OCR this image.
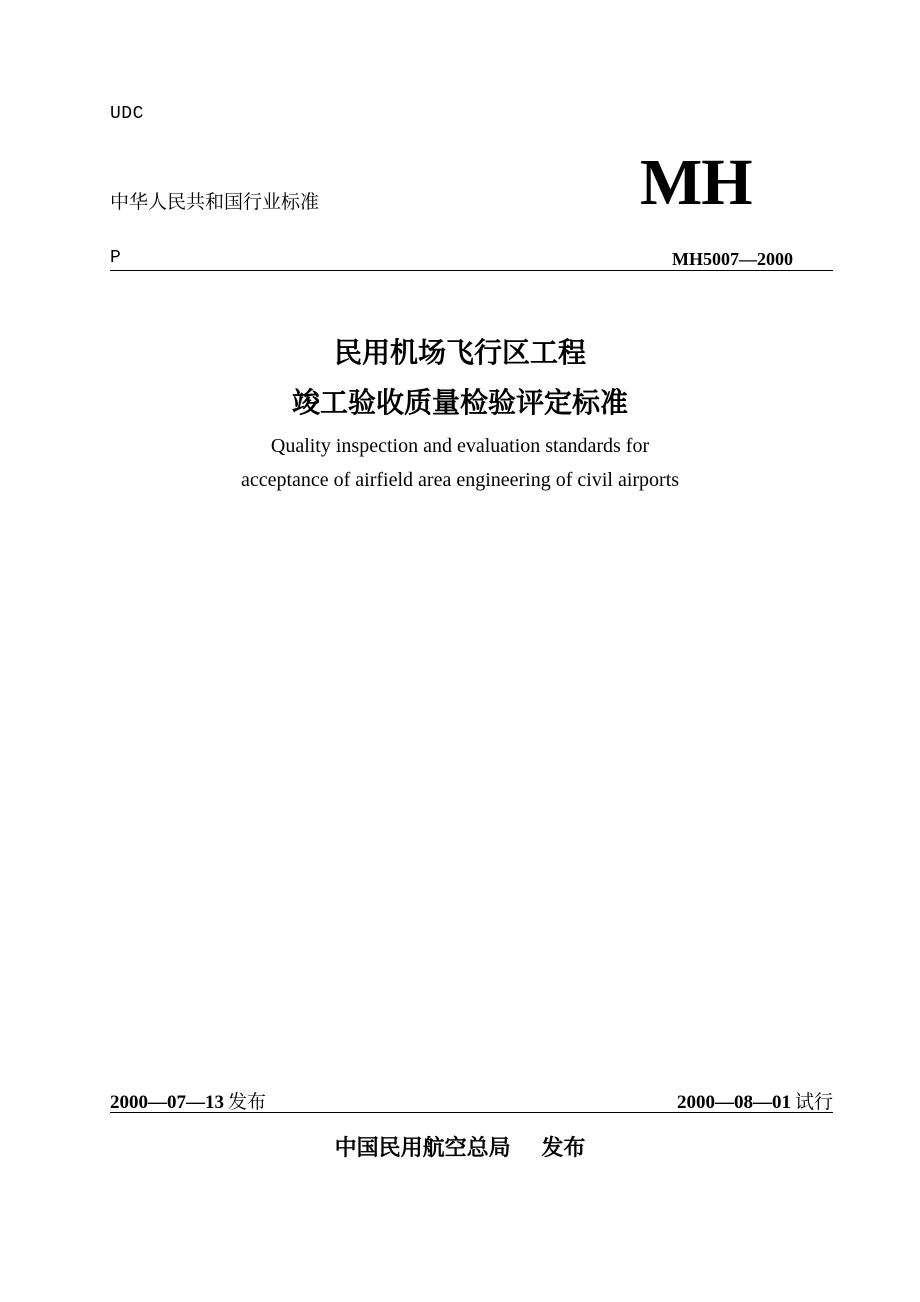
UDC
中华人民共和国行业标准	MH
P	MH5007—2000
民用机场飞行区工程
竣工验收质量检验评定标准
Quality inspection and evaluation standards for
acceptance of airfield area engineering of civil airports
2000—07—13 发布	2000—08—01 试行
中国民用航空总局 发布
